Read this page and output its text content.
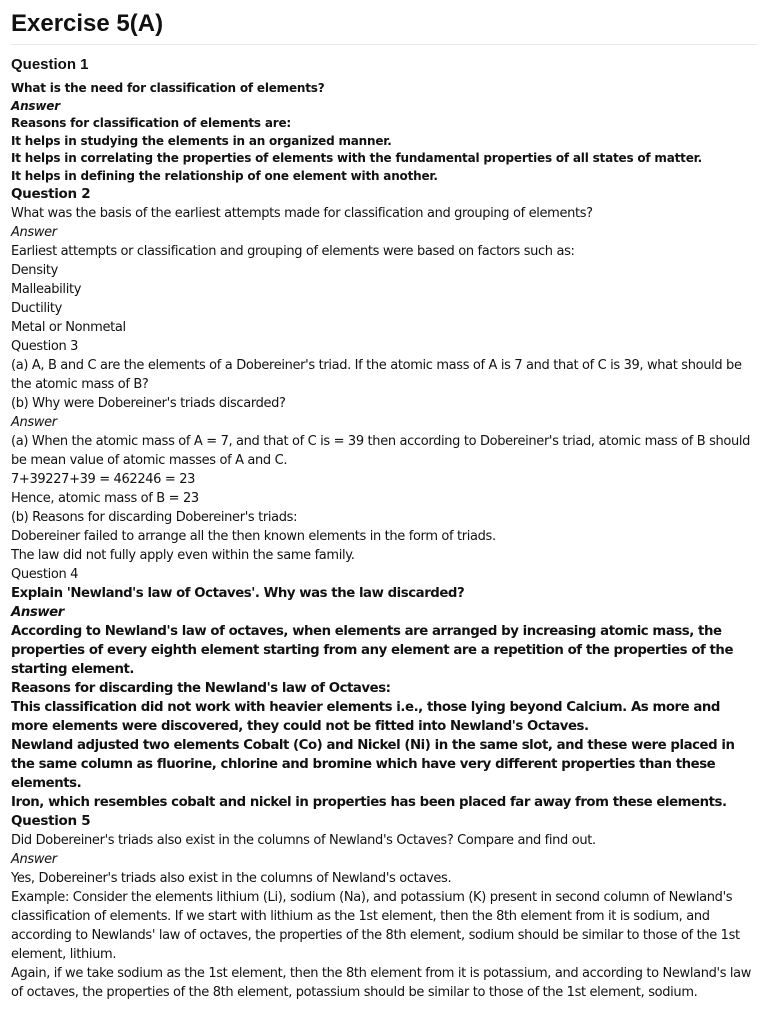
Exercise 5(A)
Question 1
What is the need for classification of elements?
Answer
Reasons for classification of elements are:
It helps in studying the elements in an organized manner.
It helps in correlating the properties of elements with the fundamental properties of all states of matter.
It helps in defining the relationship of one element with another.
Question 2
What was the basis of the earliest attempts made for classification and grouping of elements?
Answer
Earliest attempts or classification and grouping of elements were based on factors such as:
Density
Malleability
Ductility
Metal or Nonmetal
Question 3
(a) A, B and C are the elements of a Dobereiner's triad. If the atomic mass of A is 7 and that of C is 39, what should be the atomic mass of B?
(b) Why were Dobereiner's triads discarded?
Answer
(a) When the atomic mass of A = 7, and that of C is = 39 then according to Dobereiner's triad, atomic mass of B should be mean value of atomic masses of A and C.
7+39227+39 = 462246 = 23
Hence, atomic mass of B = 23
(b) Reasons for discarding Dobereiner's triads:
Dobereiner failed to arrange all the then known elements in the form of triads.
The law did not fully apply even within the same family.
Question 4
Explain 'Newland's law of Octaves'. Why was the law discarded?
Answer
According to Newland's law of octaves, when elements are arranged by increasing atomic mass, the properties of every eighth element starting from any element are a repetition of the properties of the starting element.
Reasons for discarding the Newland's law of Octaves:
This classification did not work with heavier elements i.e., those lying beyond Calcium. As more and more elements were discovered, they could not be fitted into Newland's Octaves.
Newland adjusted two elements Cobalt (Co) and Nickel (Ni) in the same slot, and these were placed in the same column as fluorine, chlorine and bromine which have very different properties than these elements.
Iron, which resembles cobalt and nickel in properties has been placed far away from these elements.
Question 5
Did Dobereiner's triads also exist in the columns of Newland's Octaves? Compare and find out.
Answer
Yes, Dobereiner's triads also exist in the columns of Newland's octaves.
Example: Consider the elements lithium (Li), sodium (Na), and potassium (K) present in second column of Newland's classification of elements. If we start with lithium as the 1st element, then the 8th element from it is sodium, and according to Newlands' law of octaves, the properties of the 8th element, sodium should be similar to those of the 1st element, lithium.
Again, if we take sodium as the 1st element, then the 8th element from it is potassium, and according to Newland's law of octaves, the properties of the 8th element, potassium should be similar to those of the 1st element, sodium.
